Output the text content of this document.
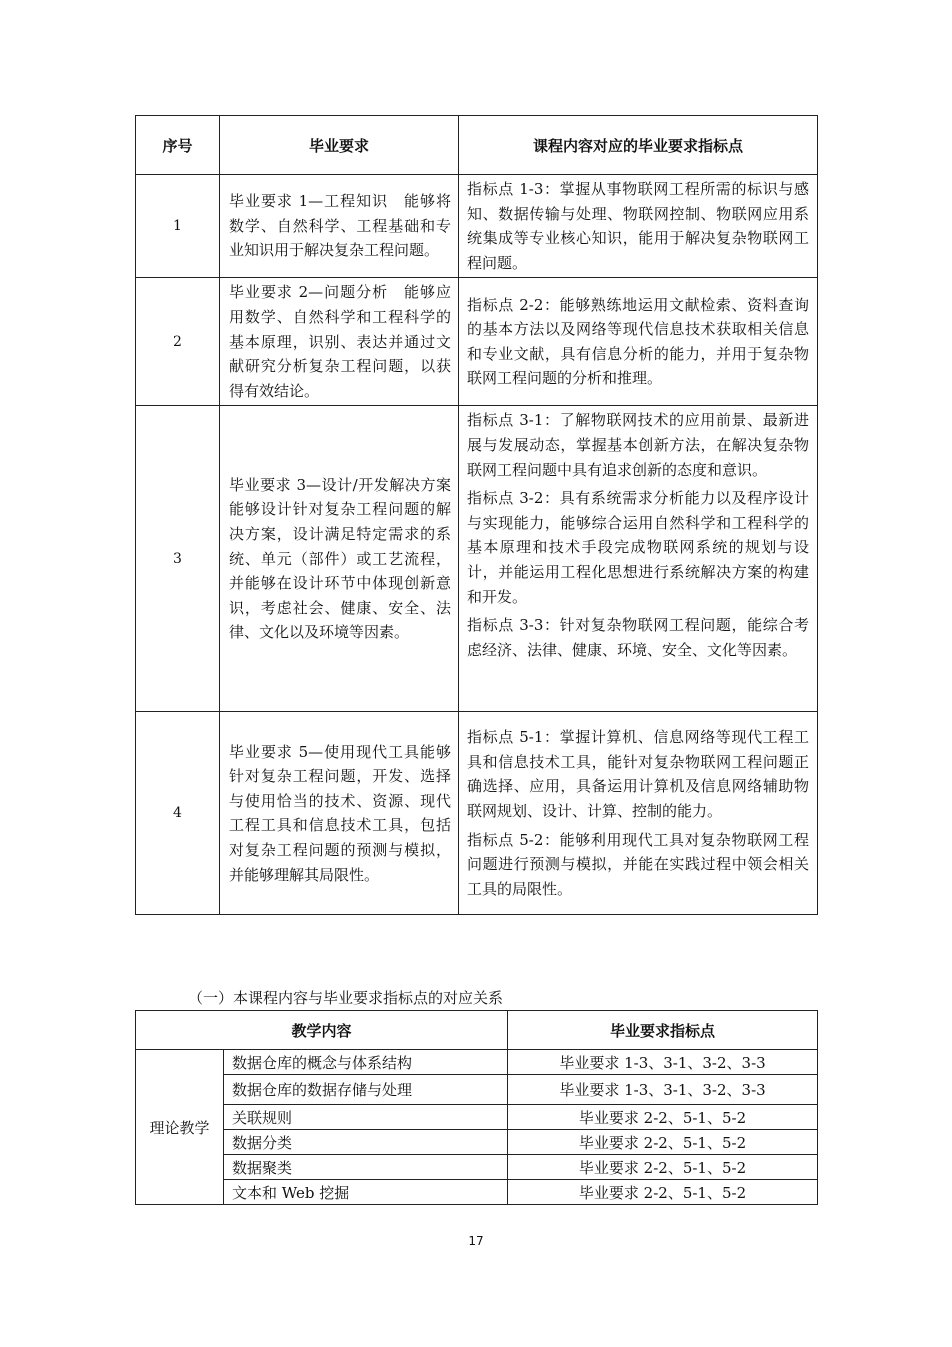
序号	毕业要求	课程内容对应的毕业要求指标点
1	毕业要求 1—工程知识　能够将数学、自然科学、工程基础和专业知识用于解决复杂工程问题。	指标点 1-3：掌握从事物联网工程所需的标识与感知、数据传输与处理、物联网控制、物联网应用系统集成等专业核心知识，能用于解决复杂物联网工程问题。

2	毕业要求 2—问题分析　能够应用数学、自然科学和工程科学的基本原理，识别、表达并通过文献研究分析复杂工程问题，以获得有效结论。	指标点 2-2：能够熟练地运用文献检索、资料查询的基本方法以及网络等现代信息技术获取相关信息和专业文献，具有信息分析的能力，并用于复杂物联网工程问题的分析和推理。

3	毕业要求 3—设计/开发解决方案能够设计针对复杂工程问题的解决方案，设计满足特定需求的系统、单元（部件）或工艺流程，并能够在设计环节中体现创新意识，考虑社会、健康、安全、法律、文化以及环境等因素。	指标点 3-1：了解物联网技术的应用前景、最新进展与发展动态，掌握基本创新方法，在解决复杂物联网工程问题中具有追求创新的态度和意识。

指标点 3-2：具有系统需求分析能力以及程序设计与实现能力，能够综合运用自然科学和工程科学的基本原理和技术手段完成物联网系统的规划与设计，并能运用工程化思想进行系统解决方案的构建和开发。

指标点 3-3：针对复杂物联网工程问题，能综合考虑经济、法律、健康、环境、安全、文化等因素。

4	毕业要求 5—使用现代工具能够针对复杂工程问题，开发、选择与使用恰当的技术、资源、现代工程工具和信息技术工具，包括对复杂工程问题的预测与模拟，并能够理解其局限性。	指标点 5-1：掌握计算机、信息网络等现代工程工具和信息技术工具，能针对复杂物联网工程问题正确选择、应用，具备运用计算机及信息网络辅助物联网规划、设计、计算、控制的能力。

指标点 5-2：能够利用现代工具对复杂物联网工程问题进行预测与模拟，并能在实践过程中领会相关工具的局限性。

（一）本课程内容与毕业要求指标点的对应关系
教学内容		毕业要求指标点
理论教学	数据仓库的概念与体系结构	毕业要求 1-3、3-1、3-2、3-3
	数据仓库的数据存储与处理	毕业要求 1-3、3-1、3-2、3-3
	关联规则	毕业要求 2-2、5-1、5-2
	数据分类	毕业要求 2-2、5-1、5-2
	数据聚类	毕业要求 2-2、5-1、5-2
	文本和 Web 挖掘	毕业要求 2-2、5-1、5-2
17
